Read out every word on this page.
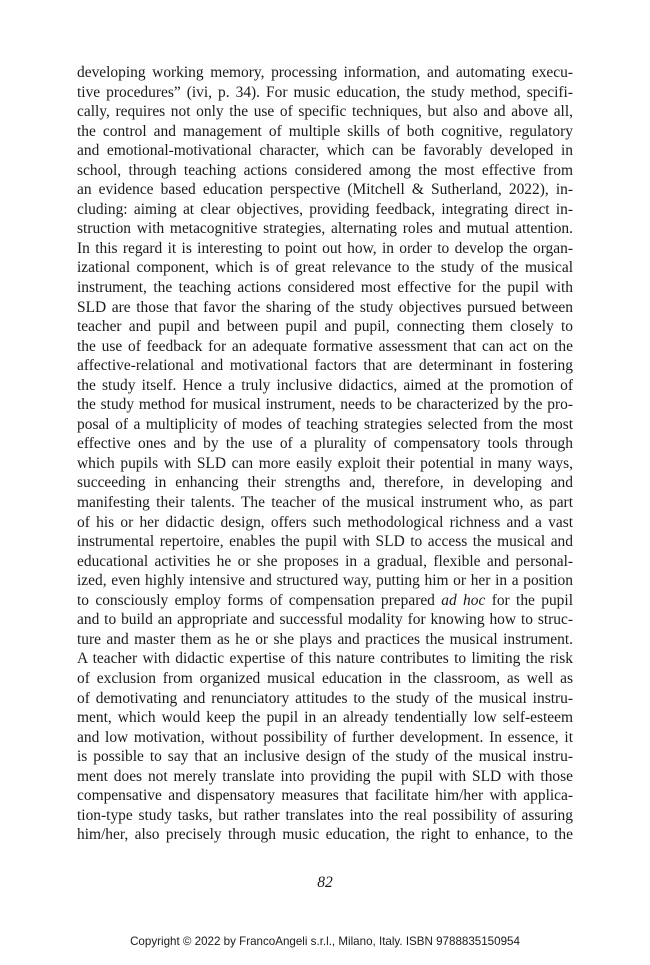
developing working memory, processing information, and automating execu-
tive procedures” (ivi, p. 34). For music education, the study method, specifi-
cally, requires not only the use of specific techniques, but also and above all,
the control and management of multiple skills of both cognitive, regulatory
and emotional-motivational character, which can be favorably developed in
school, through teaching actions considered among the most effective from
an evidence based education perspective (Mitchell & Sutherland, 2022), in-
cluding: aiming at clear objectives, providing feedback, integrating direct in-
struction with metacognitive strategies, alternating roles and mutual attention.
In this regard it is interesting to point out how, in order to develop the organ-
izational component, which is of great relevance to the study of the musical
instrument, the teaching actions considered most effective for the pupil with
SLD are those that favor the sharing of the study objectives pursued between
teacher and pupil and between pupil and pupil, connecting them closely to
the use of feedback for an adequate formative assessment that can act on the
affective-relational and motivational factors that are determinant in fostering
the study itself. Hence a truly inclusive didactics, aimed at the promotion of
the study method for musical instrument, needs to be characterized by the pro-
posal of a multiplicity of modes of teaching strategies selected from the most
effective ones and by the use of a plurality of compensatory tools through
which pupils with SLD can more easily exploit their potential in many ways,
succeeding in enhancing their strengths and, therefore, in developing and
manifesting their talents. The teacher of the musical instrument who, as part
of his or her didactic design, offers such methodological richness and a vast
instrumental repertoire, enables the pupil with SLD to access the musical and
educational activities he or she proposes in a gradual, flexible and personal-
ized, even highly intensive and structured way, putting him or her in a position
to consciously employ forms of compensation prepared ad hoc for the pupil
and to build an appropriate and successful modality for knowing how to struc-
ture and master them as he or she plays and practices the musical instrument.
A teacher with didactic expertise of this nature contributes to limiting the risk
of exclusion from organized musical education in the classroom, as well as
of demotivating and renunciatory attitudes to the study of the musical instru-
ment, which would keep the pupil in an already tendentially low self-esteem
and low motivation, without possibility of further development. In essence, it
is possible to say that an inclusive design of the study of the musical instru-
ment does not merely translate into providing the pupil with SLD with those
compensative and dispensatory measures that facilitate him/her with applica-
tion-type study tasks, but rather translates into the real possibility of assuring
him/her, also precisely through music education, the right to enhance, to the
82
Copyright © 2022 by FrancoAngeli s.r.l., Milano, Italy. ISBN 9788835150954
